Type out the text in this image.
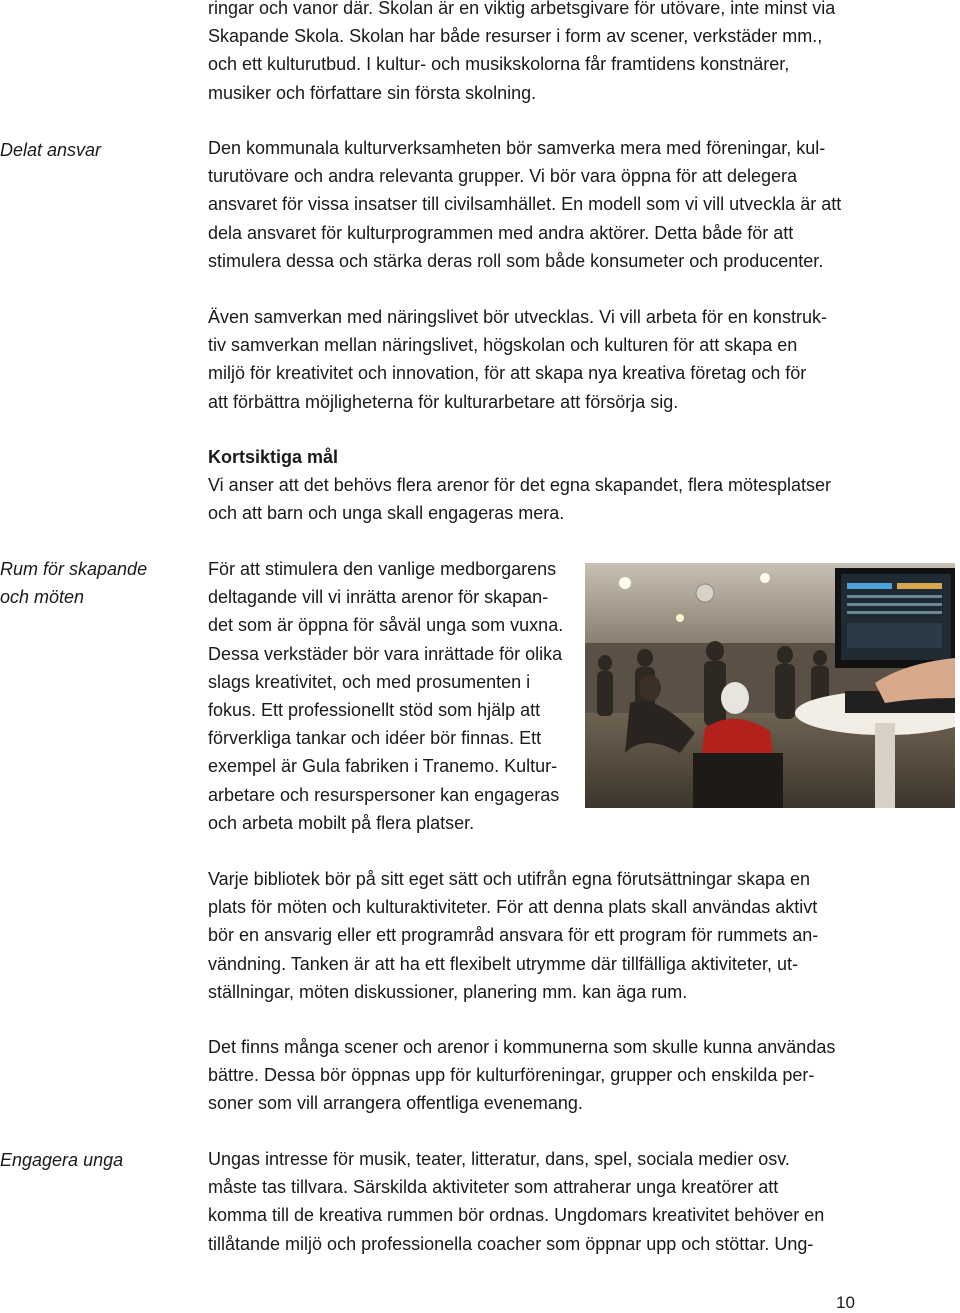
ringar och vanor där. Skolan är en viktig arbetsgivare för utövare, inte minst via
Skapande Skola. Skolan har både resurser i form av scener, verkstäder mm.,
och ett kulturutbud. I kultur- och musikskolorna får framtidens konstnärer,
musiker och författare sin första skolning.

Delat ansvar	Den kommunala kulturverksamheten bör samverka mera med föreningar, kul-
turutövare och andra relevanta grupper. Vi bör vara öppna för att delegera
ansvaret för vissa insatser till civilsamhället. En modell som vi vill utveckla är att
dela ansvaret för kulturprogrammen med andra aktörer. Detta både för att
stimulera dessa och stärka deras roll som både konsumeter och producenter.

Även samverkan med näringslivet bör utvecklas. Vi vill arbeta för en konstruk-
tiv samverkan mellan näringslivet, högskolan och kulturen för att skapa en
miljö för kreativitet och innovation, för att skapa nya kreativa företag och för
att förbättra möjligheterna för kulturarbetare att försörja sig.

Kortsiktiga mål
Vi anser att det behövs flera arenor för det egna skapandet, flera mötesplatser
och att barn och unga skall engageras mera.

Rum för skapande
och möten

För att stimulera den vanlige medborgarens
deltagande vill vi inrätta arenor för skapan-
det som är öppna för såväl unga som vuxna.
Dessa verkstäder bör vara inrättade för olika
slags kreativitet, och med prosumenten i
fokus. Ett professionellt stöd som hjälp att
förverkliga tankar och idéer bör finnas. Ett
exempel är Gula fabriken i Tranemo. Kultur-
arbetare och resurspersoner kan engageras
och arbeta mobilt på flera platser.

Varje bibliotek bör på sitt eget sätt och utifrån egna förutsättningar skapa en
plats för möten och kulturaktiviteter. För att denna plats skall användas aktivt
bör en ansvarig eller ett programråd ansvara för ett program för rummets an-
vändning. Tanken är att ha ett flexibelt utrymme där tillfälliga aktiviteter, ut-
ställningar, möten diskussioner, planering mm. kan äga rum.

Det finns många scener och arenor i kommunerna som skulle kunna användas
bättre. Dessa bör öppnas upp för kulturföreningar, grupper och enskilda per-
soner som vill arrangera offentliga evenemang.

Engagera unga	Ungas intresse för musik, teater, litteratur, dans, spel, sociala medier osv.
måste tas tillvara. Särskilda aktiviteter som attraherar unga kreatörer att
komma till de kreativa rummen bör ordnas. Ungdomars kreativitet behöver en
tillåtande miljö och professionella coacher som öppnar upp och stöttar. Ung-

10
